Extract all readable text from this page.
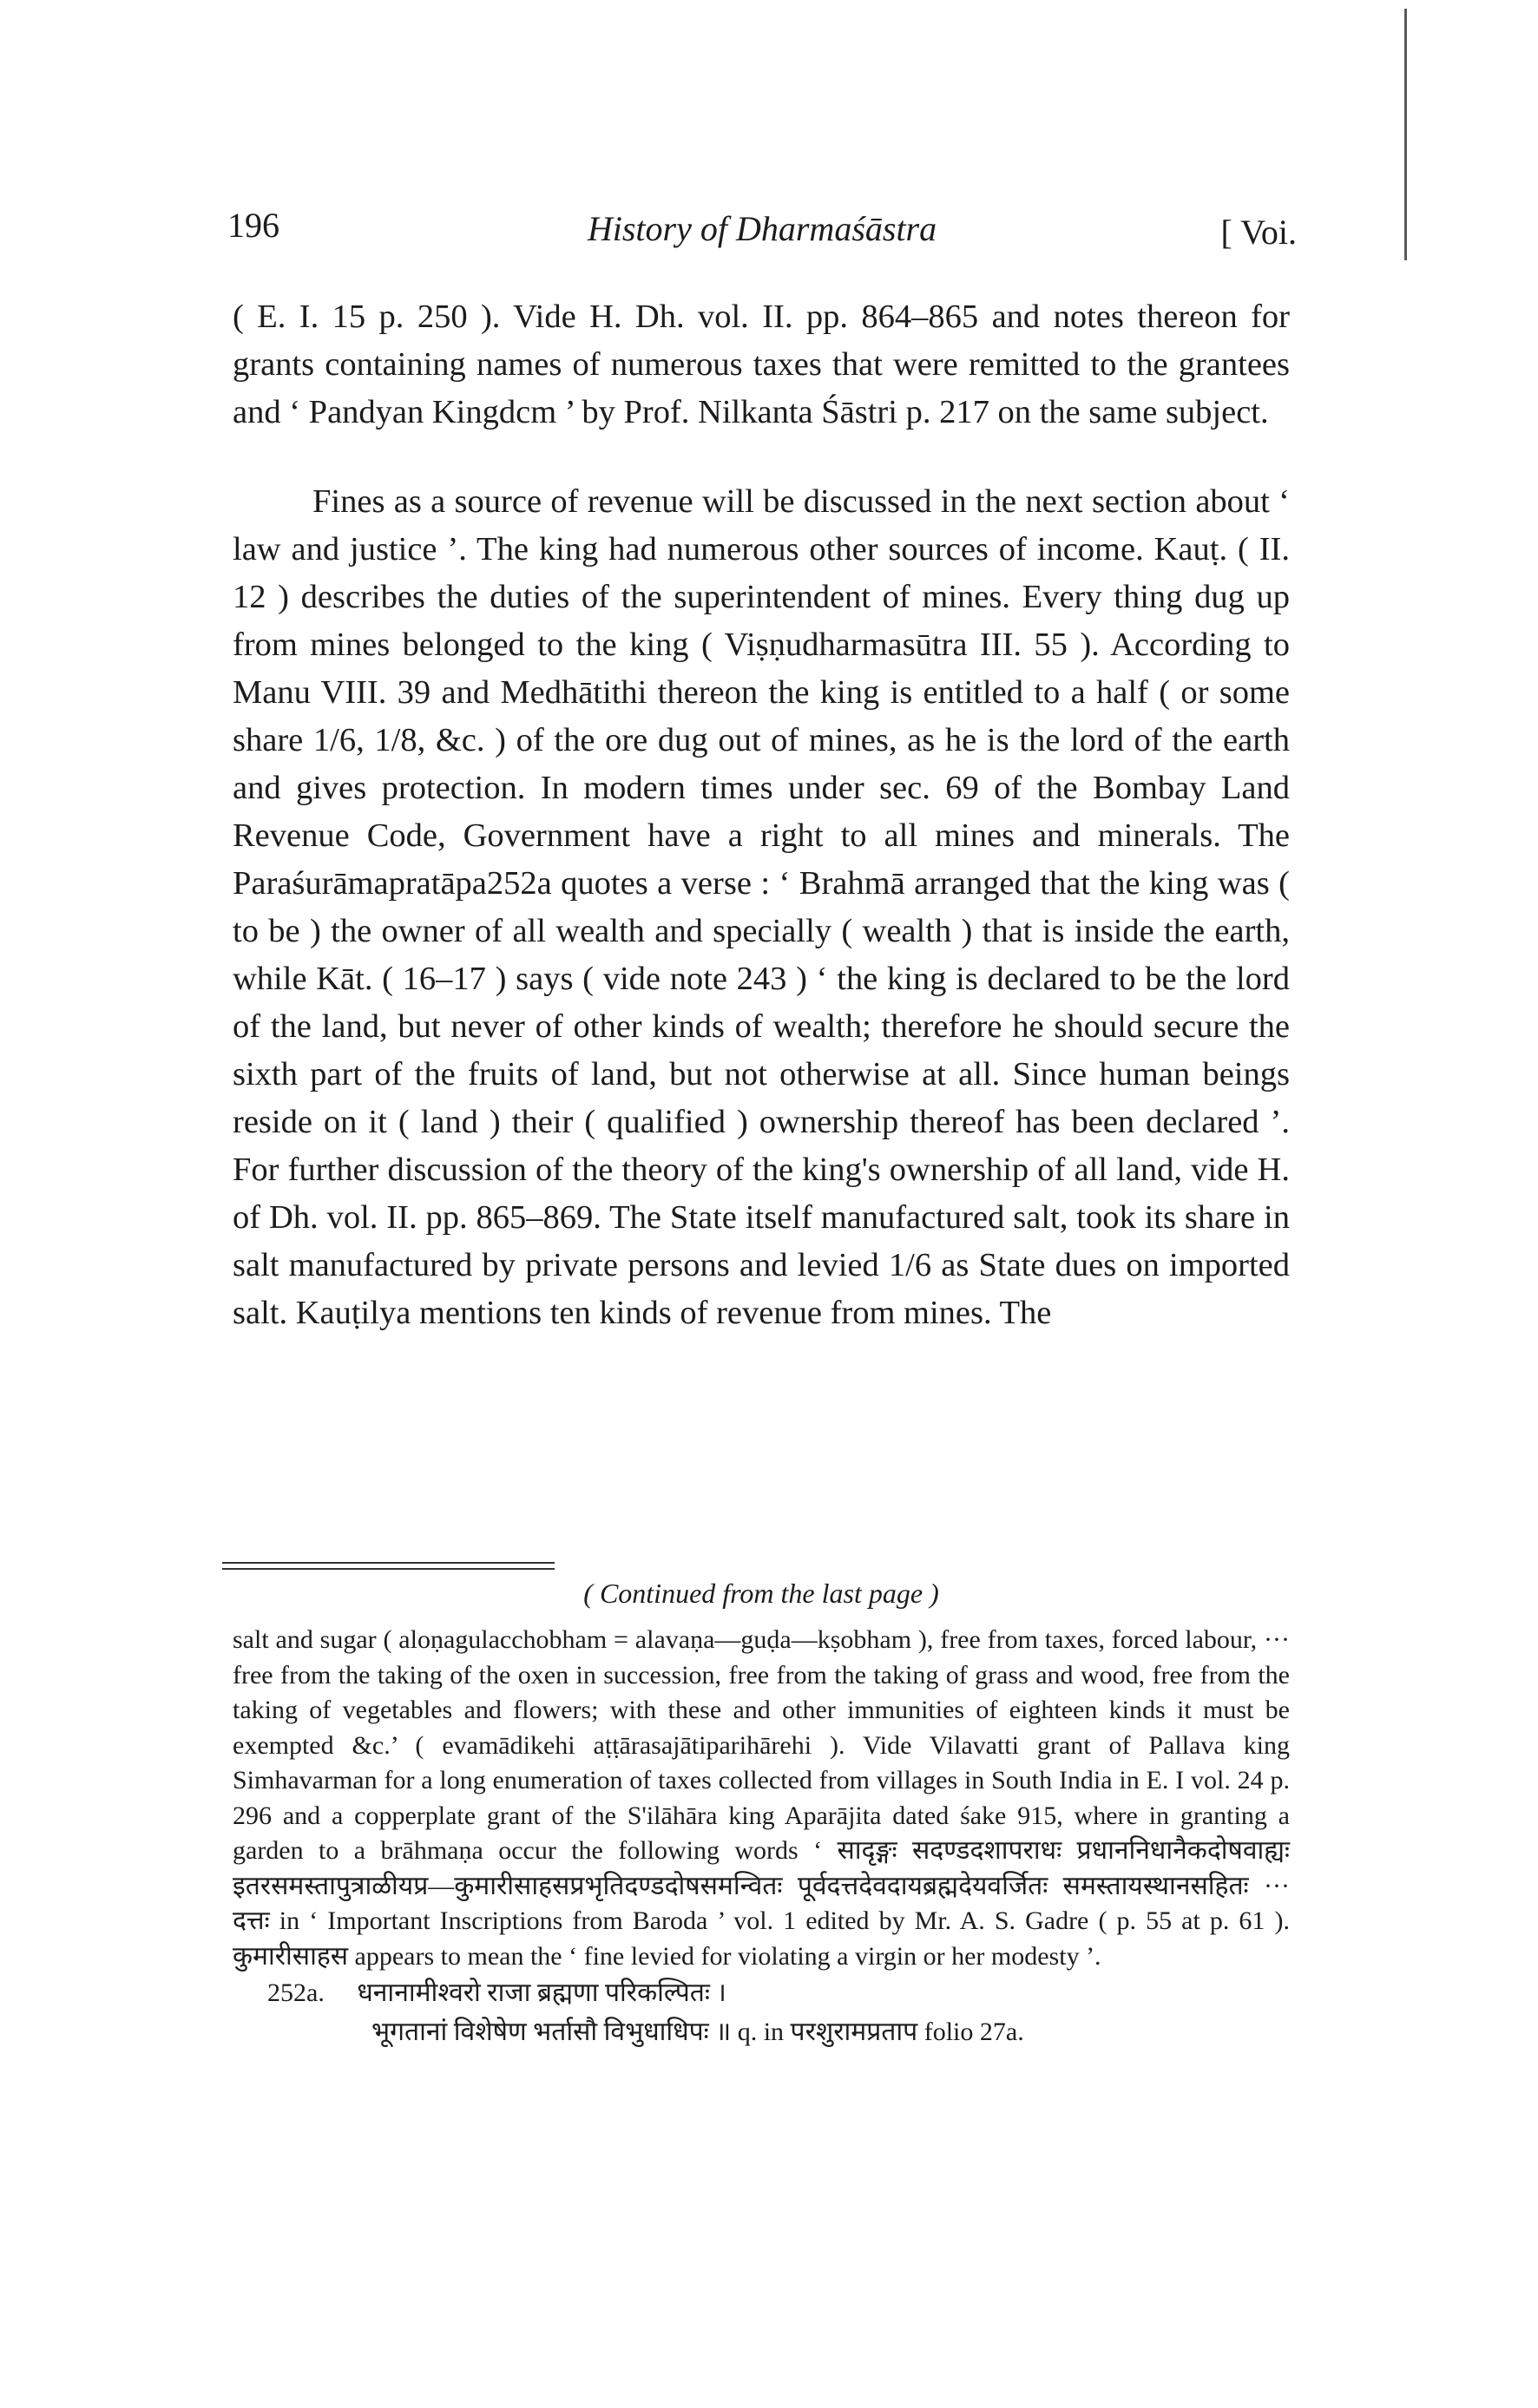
196	History of Dharmaśāstra	[ Voi.

( E. I. 15 p. 250 ). Vide H. Dh. vol. II. pp. 864–865 and notes thereon for grants containing names of numerous taxes that were remitted to the grantees and ‘ Pandyan Kingdcm ’ by Prof. Nilkanta Śāstri p. 217 on the same subject.

Fines as a source of revenue will be discussed in the next section about ‘ law and justice ’. The king had numerous other sources of income. Kauṭ. ( II. 12 ) describes the duties of the superintendent of mines. Every thing dug up from mines belonged to the king ( Viṣṇudharmasūtra III. 55 ). According to Manu VIII. 39 and Medhātithi thereon the king is entitled to a half ( or some share 1/6, 1/8, &c. ) of the ore dug out of mines, as he is the lord of the earth and gives protection. In modern times under sec. 69 of the Bombay Land Revenue Code, Government have a right to all mines and minerals. The Paraśurāmapratāpa252a quotes a verse : ‘ Brahmā arranged that the king was ( to be ) the owner of all wealth and specially ( wealth ) that is inside the earth, while Kāt. ( 16–17 ) says ( vide note 243 ) ‘ the king is declared to be the lord of the land, but never of other kinds of wealth; therefore he should secure the sixth part of the fruits of land, but not otherwise at all. Since human beings reside on it ( land ) their ( qualified ) ownership thereof has been declared ’. For further discussion of the theory of the king's ownership of all land, vide H. of Dh. vol. II. pp. 865–869. The State itself manufactured salt, took its share in salt manufactured by private persons and levied 1/6 as State dues on imported salt. Kauṭilya mentions ten kinds of revenue from mines. The

( Continued from the last page )

salt and sugar ( aloṇagulacchobham = alavaṇa—guḍa—kṣobham ), free from taxes, forced labour, ··· free from the taking of the oxen in succession, free from the taking of grass and wood, free from the taking of vegetables and flowers; with these and other immunities of eighteen kinds it must be exempted &c.’ ( evamādikehi aṭṭārasajātiparihārehi ). Vide Vilavatti grant of Pallava king Simhavarman for a long enumeration of taxes collected from villages in South India in E. I vol. 24 p. 296 and a copperplate grant of the S'ilāhāra king Aparājita dated śake 915, where in granting a garden to a brāhmaṇa occur the following words ‘ सादृङ्गः सदण्डदशापराधः प्रधाननिधानैकदोषवाह्यः इतरसमस्तापुत्राळीयप्र—कुमारीसाहसप्रभृतिदण्डदोषसमन्वितः पूर्वदत्तदेवदायब्रह्मदेयवर्जितः समस्तायस्थानसहितः ··· दत्तः in ‘ Important Inscriptions from Baroda ’ vol. 1 edited by Mr. A. S. Gadre ( p. 55 at p. 61 ). कुमारीसाहस appears to mean the ‘ fine levied for violating a virgin or her modesty ’.

252a. धनानामीश्वरो राजा ब्रह्मणा परिकल्पितः ।

भूगतानां विशेषेण भर्तासौ विभुधाधिपः ॥ q. in परशुरामप्रताप folio 27a.
